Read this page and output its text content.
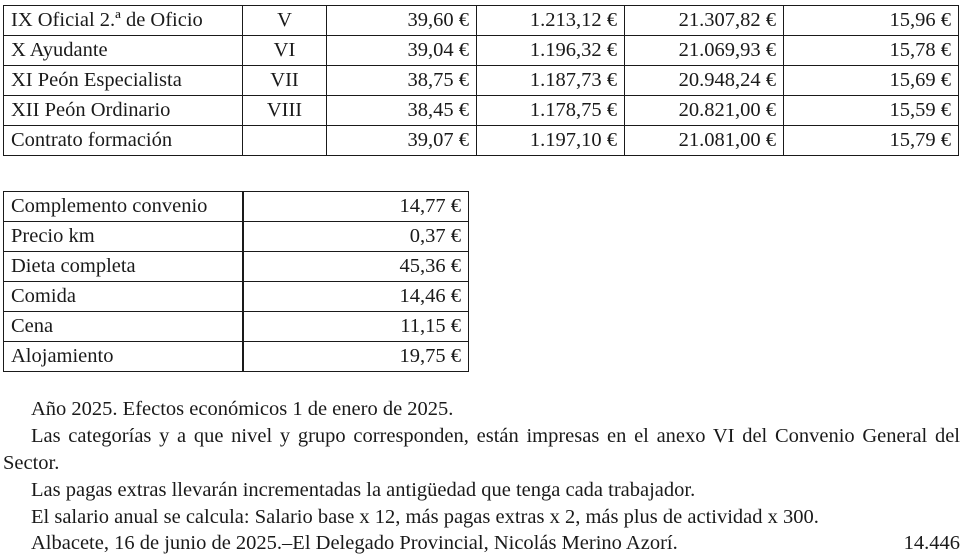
IX Oficial 2.ª de Oficio	V	39,60 €	1.213,12 €	21.307,82 €	15,96 €
X Ayudante	VI	39,04 €	1.196,32 €	21.069,93 €	15,78 €
XI Peón Especialista	VII	38,75 €	1.187,73 €	20.948,24 €	15,69 €
XII Peón Ordinario	VIII	38,45 €	1.178,75 €	20.821,00 €	15,59 €
Contrato formación		39,07 €	1.197,10 €	21.081,00 €	15,79 €
Complemento convenio		14,77 €
Precio km		0,37 €
Dieta completa		45,36 €
Comida		14,46 €
Cena		11,15 €
Alojamiento		19,75 €

Año 2025. Efectos económicos 1 de enero de 2025.

Las categorías y a que nivel y grupo corresponden, están impresas en el anexo VI del Convenio General del Sector.

Las pagas extras llevarán incrementadas la antigüedad que tenga cada trabajador.

El salario anual se calcula: Salario base x 12, más pagas extras x 2, más plus de actividad x 300.

Albacete, 16 de junio de 2025.–El Delegado Provincial, Nicolás Merino Azorí.	14.446
